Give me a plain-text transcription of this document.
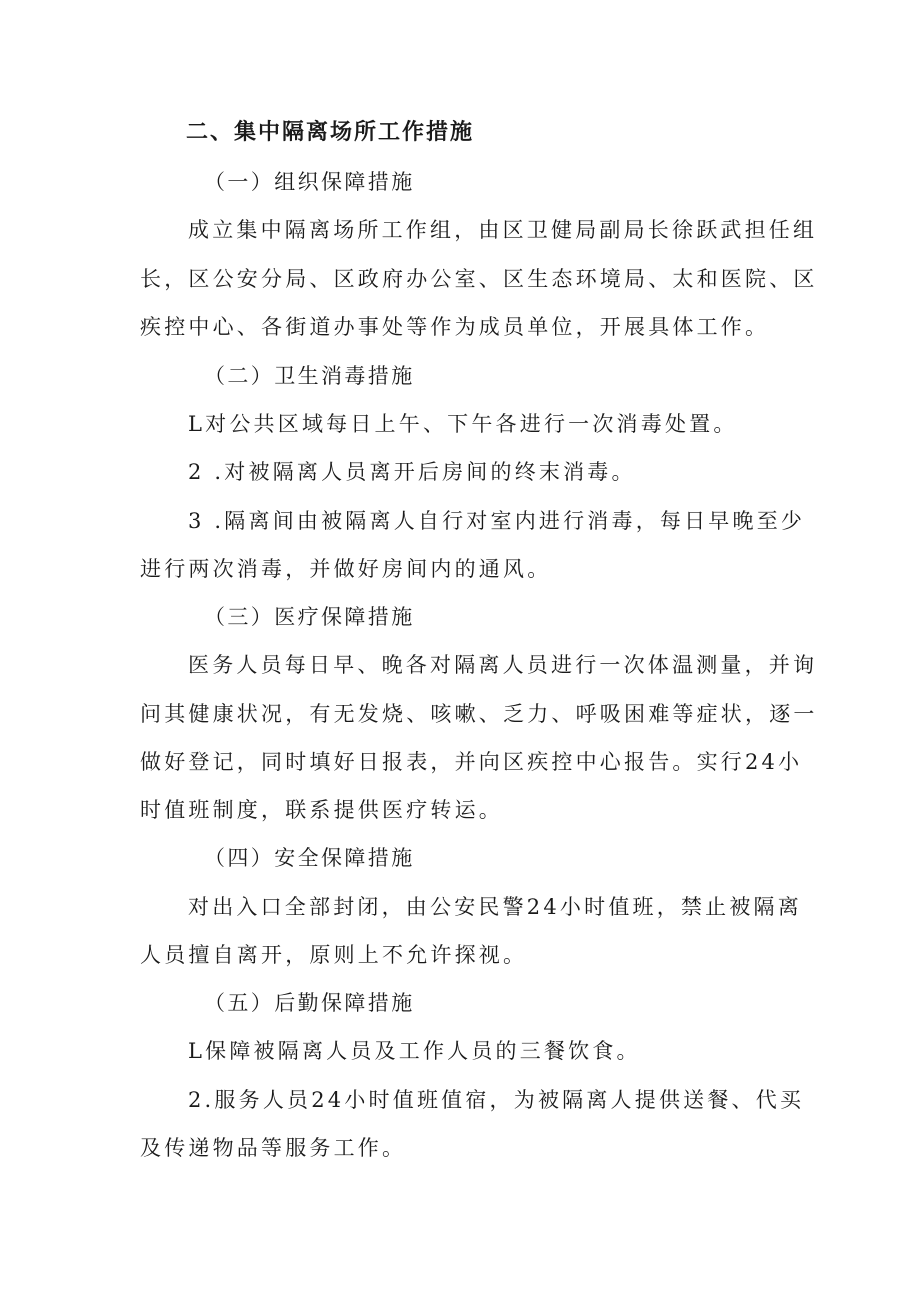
二、集中隔离场所工作措施
（一）组织保障措施
成立集中隔离场所工作组，由区卫健局副局长徐跃武担任组
长，区公安分局、区政府办公室、区生态环境局、太和医院、区
疾控中心、各街道办事处等作为成员单位，开展具体工作。
（二）卫生消毒措施
L对公共区域每日上午、下午各进行一次消毒处置。
2 .对被隔离人员离开后房间的终末消毒。
3 .隔离间由被隔离人自行对室内进行消毒，每日早晚至少
进行两次消毒，并做好房间内的通风。
（三）医疗保障措施
医务人员每日早、晚各对隔离人员进行一次体温测量，并询
问其健康状况，有无发烧、咳嗽、乏力、呼吸困难等症状，逐一
做好登记，同时填好日报表，并向区疾控中心报告。实行24小
时值班制度，联系提供医疗转运。
（四）安全保障措施
对出入口全部封闭，由公安民警24小时值班，禁止被隔离
人员擅自离开，原则上不允许探视。
（五）后勤保障措施
L保障被隔离人员及工作人员的三餐饮食。
2.服务人员24小时值班值宿，为被隔离人提供送餐、代买
及传递物品等服务工作。
